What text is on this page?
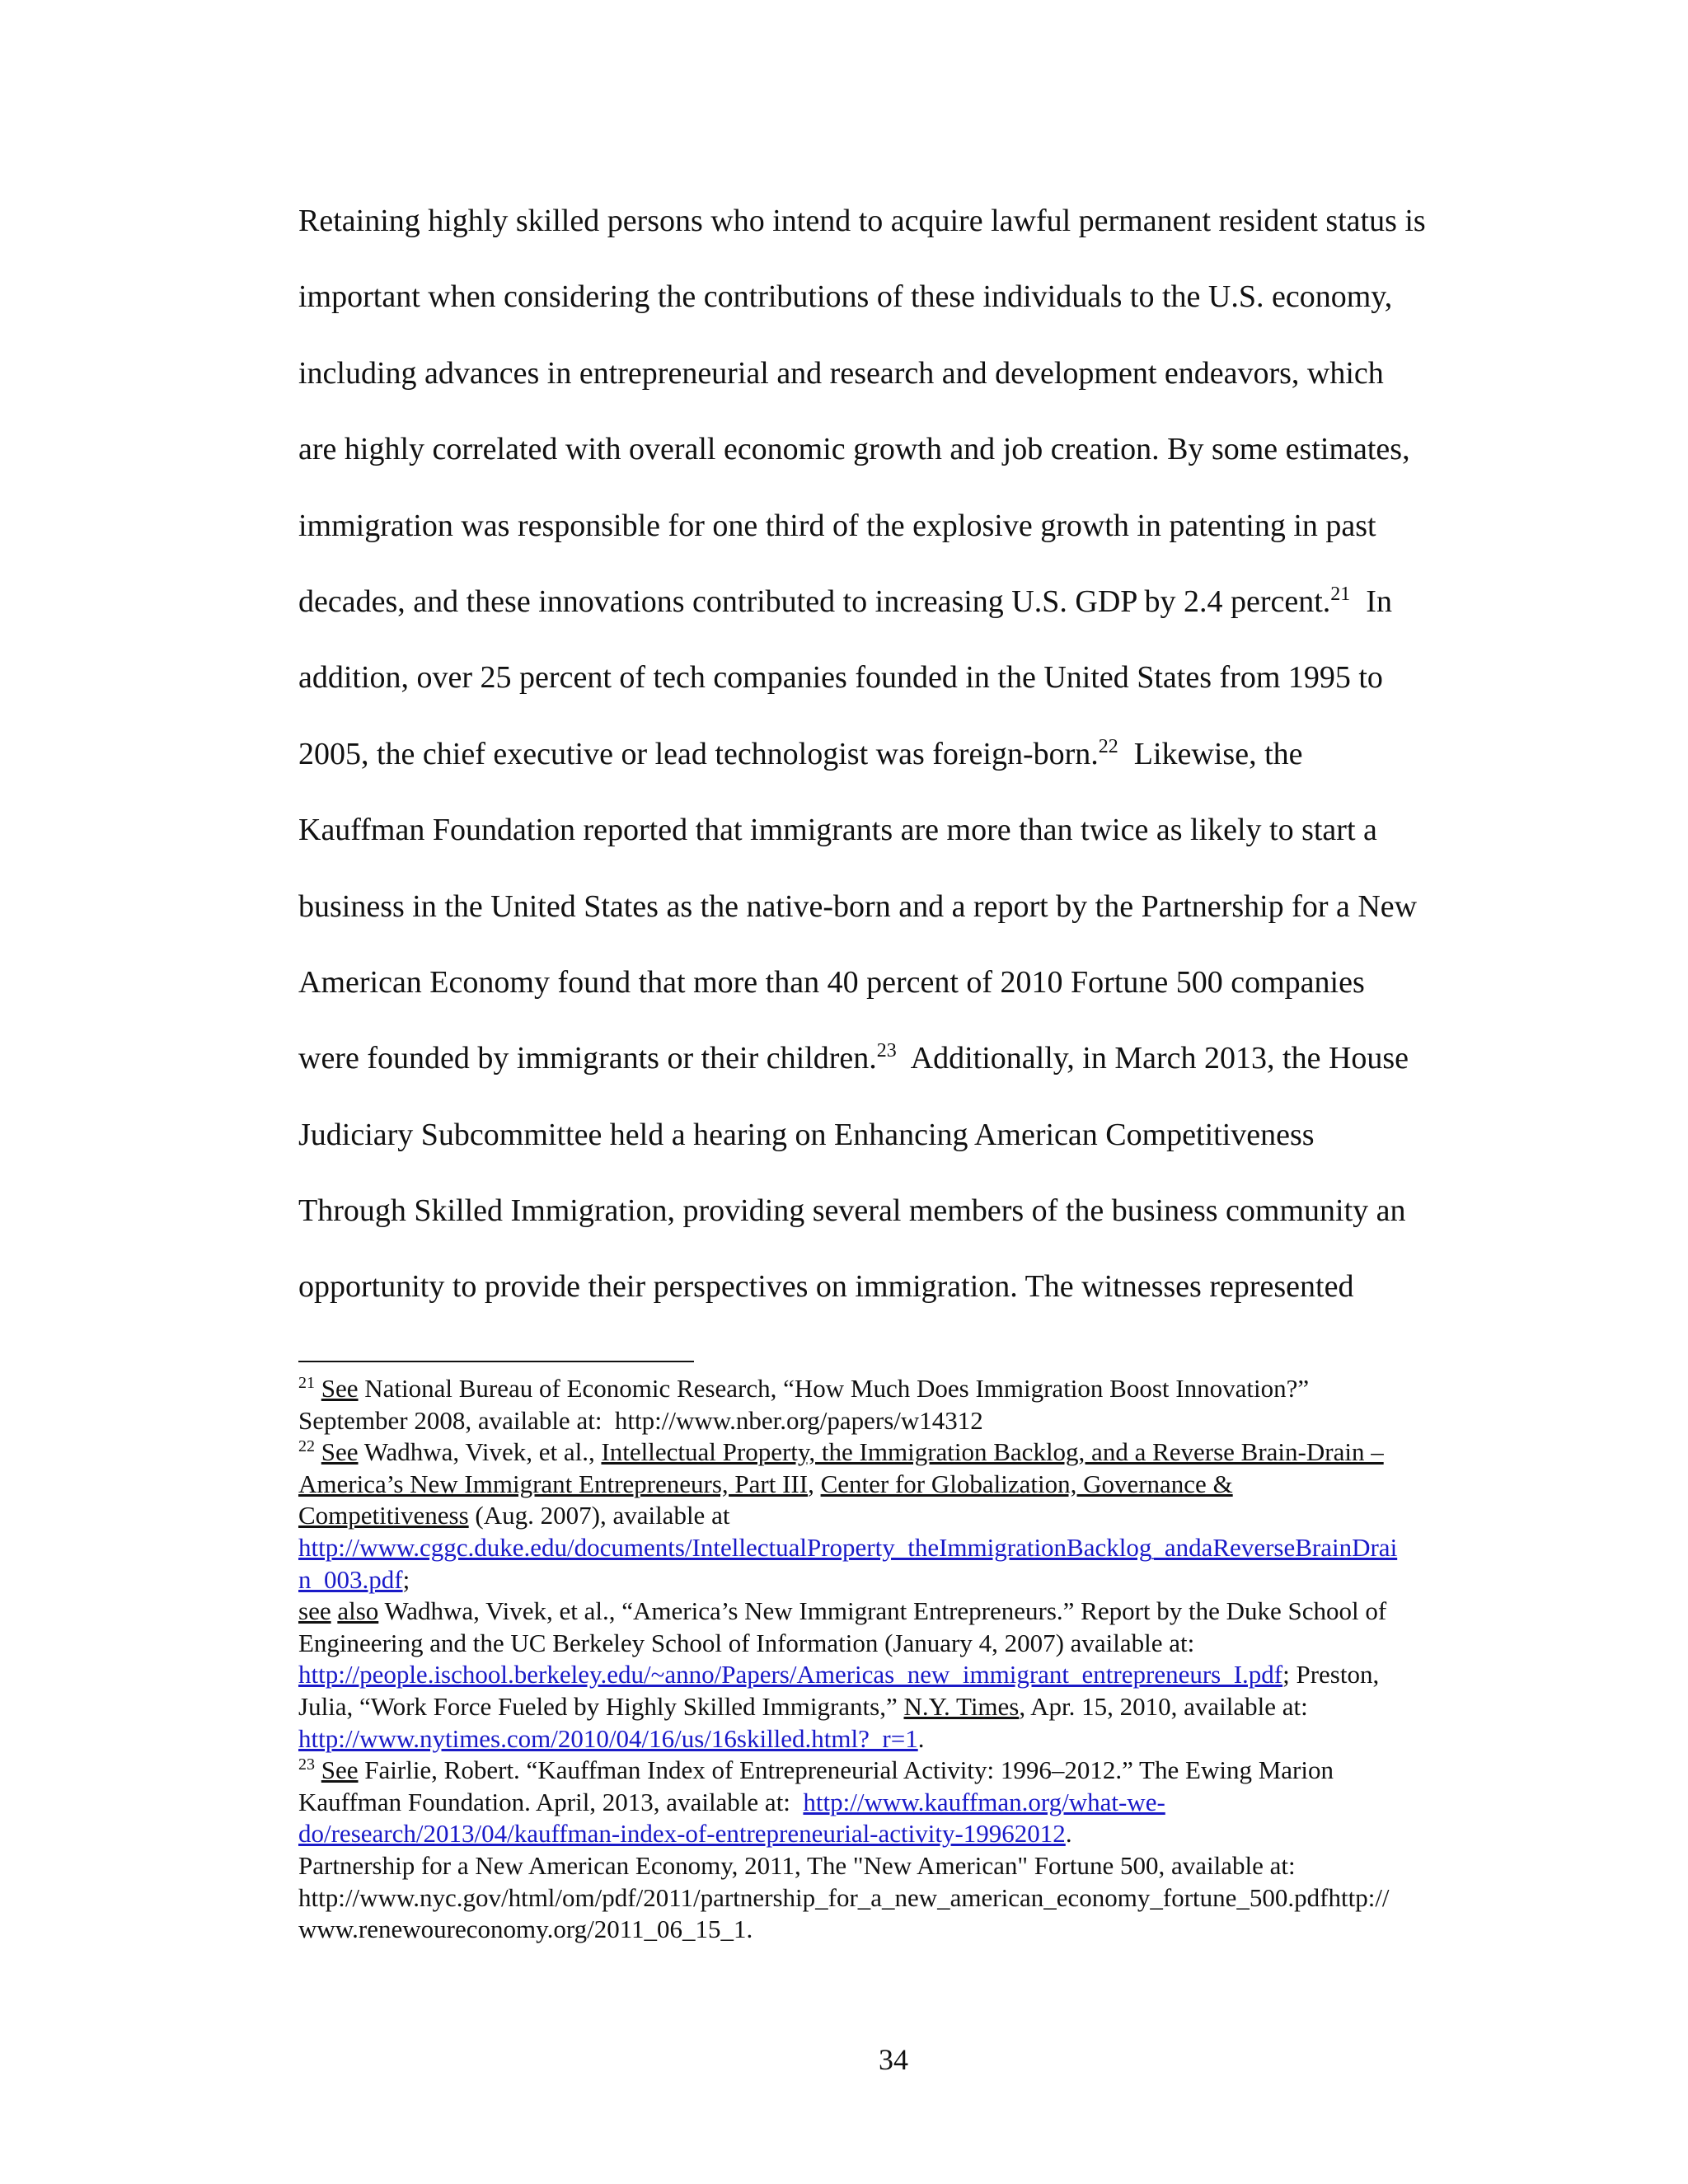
Retaining highly skilled persons who intend to acquire lawful permanent resident status is
important when considering the contributions of these individuals to the U.S. economy,
including advances in entrepreneurial and research and development endeavors, which
are highly correlated with overall economic growth and job creation. By some estimates,
immigration was responsible for one third of the explosive growth in patenting in past
decades, and these innovations contributed to increasing U.S. GDP by 2.4 percent.$^{21}$  In
addition, over 25 percent of tech companies founded in the United States from 1995 to
2005, the chief executive or lead technologist was foreign-born.$^{22}$  Likewise, the
Kauffman Foundation reported that immigrants are more than twice as likely to start a
business in the United States as the native-born and a report by the Partnership for a New
American Economy found that more than 40 percent of 2010 Fortune 500 companies
were founded by immigrants or their children.$^{23}$  Additionally, in March 2013, the House
Judiciary Subcommittee held a hearing on Enhancing American Competitiveness
Through Skilled Immigration, providing several members of the business community an
opportunity to provide their perspectives on immigration. The witnesses represented
$^{21}$ See National Bureau of Economic Research, “How Much Does Immigration Boost Innovation?”
September 2008, available at:  http://www.nber.org/papers/w14312
$^{22}$ See Wadhwa, Vivek, et al., Intellectual Property, the Immigration Backlog, and a Reverse Brain-Drain –
America’s New Immigrant Entrepreneurs, Part III, Center for Globalization, Governance &
Competitiveness (Aug. 2007), available at
http://www.cggc.duke.edu/documents/IntellectualProperty_theImmigrationBacklog_andaReverseBrainDrai
n_003.pdf;
see also Wadhwa, Vivek, et al., “America’s New Immigrant Entrepreneurs.” Report by the Duke School of
Engineering and the UC Berkeley School of Information (January 4, 2007) available at:
http://people.ischool.berkeley.edu/~anno/Papers/Americas_new_immigrant_entrepreneurs_I.pdf; Preston,
Julia, “Work Force Fueled by Highly Skilled Immigrants,” N.Y. Times, Apr. 15, 2010, available at:
http://www.nytimes.com/2010/04/16/us/16skilled.html?_r=1.
$^{23}$ See Fairlie, Robert. “Kauffman Index of Entrepreneurial Activity: 1996–2012.” The Ewing Marion
Kauffman Foundation. April, 2013, available at:  http://www.kauffman.org/what-we-
do/research/2013/04/kauffman-index-of-entrepreneurial-activity-19962012.
Partnership for a New American Economy, 2011, The "New American" Fortune 500, available at:
http://www.nyc.gov/html/om/pdf/2011/partnership_for_a_new_american_economy_fortune_500.pdfhttp://
www.renewoureconomy.org/2011_06_15_1.
34
